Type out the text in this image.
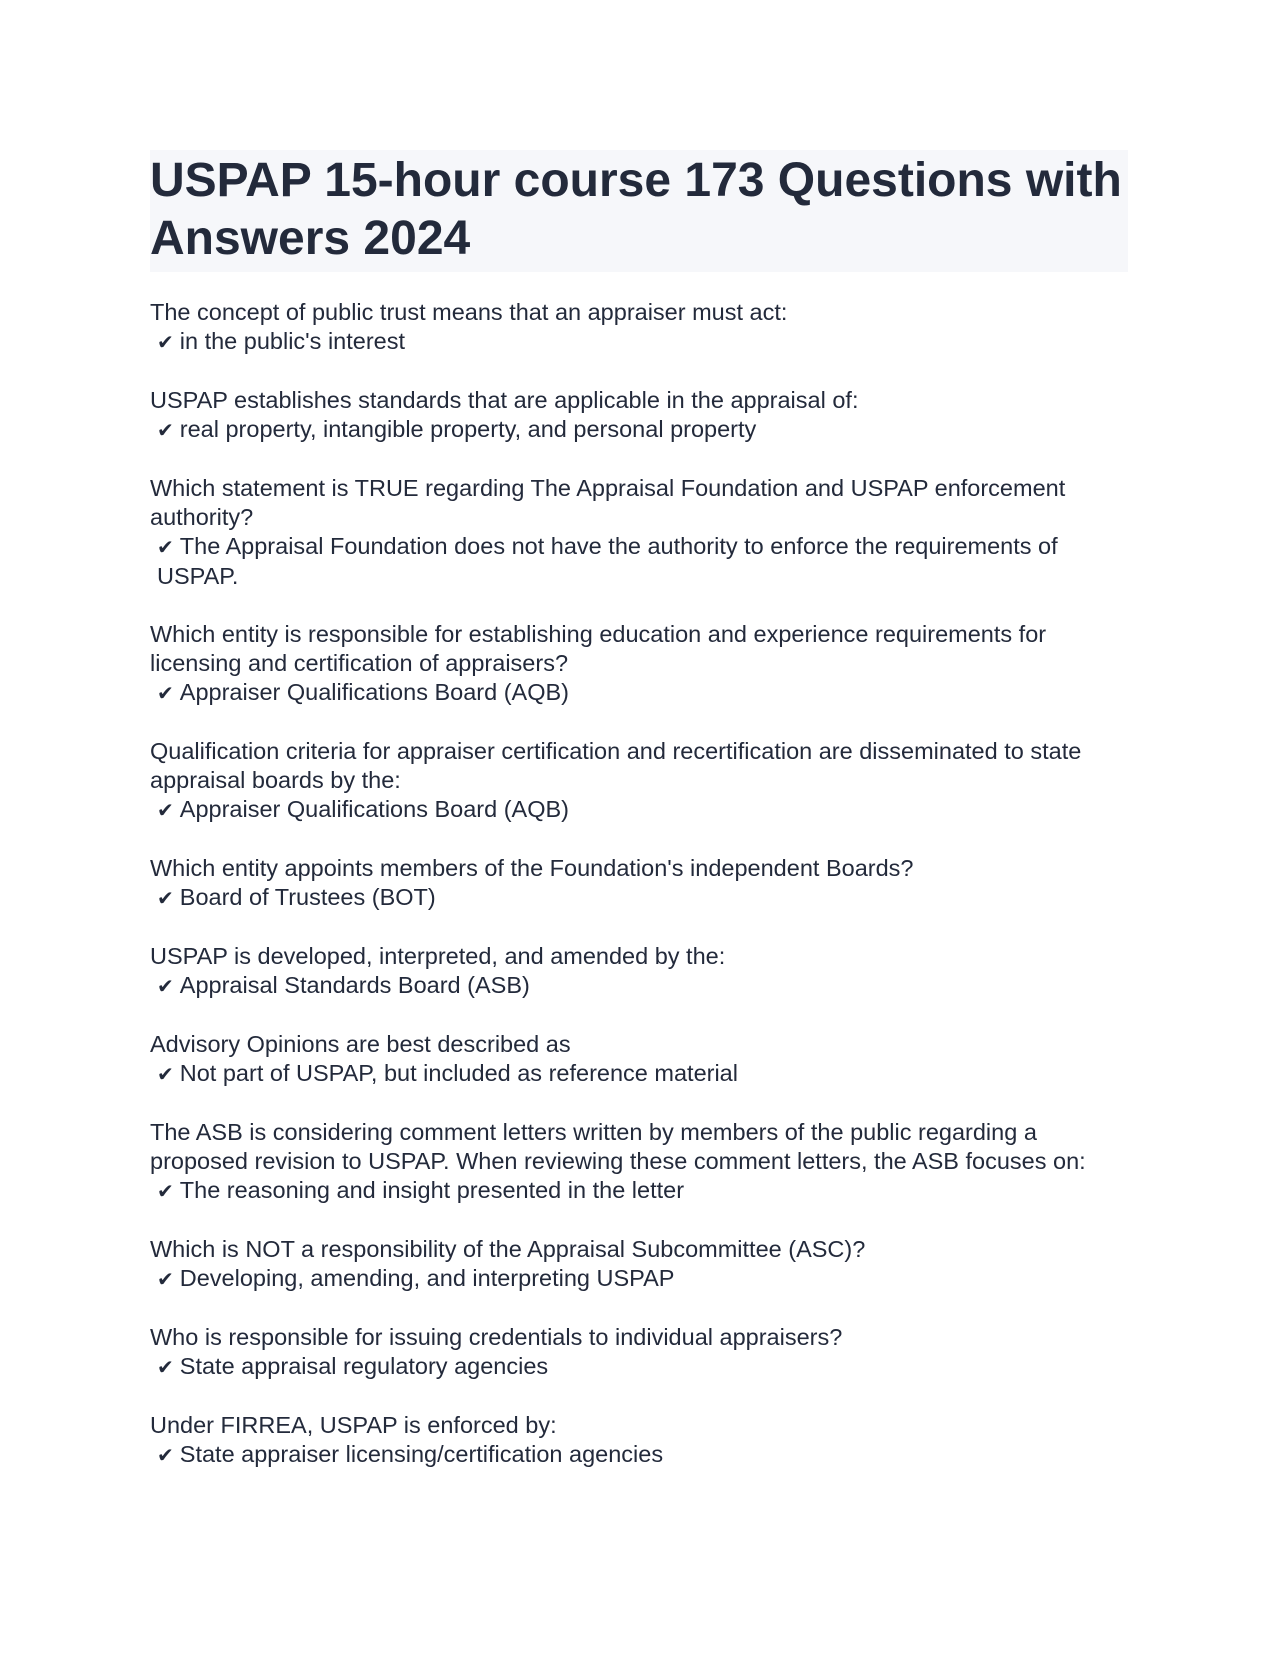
USPAP 15-hour course 173 Questions with Answers 2024
The concept of public trust means that an appraiser must act:
✔ in the public's interest
USPAP establishes standards that are applicable in the appraisal of:
✔ real property, intangible property, and personal property
Which statement is TRUE regarding The Appraisal Foundation and USPAP enforcement authority?
✔ The Appraisal Foundation does not have the authority to enforce the requirements of USPAP.
Which entity is responsible for establishing education and experience requirements for licensing and certification of appraisers?
✔ Appraiser Qualifications Board (AQB)
Qualification criteria for appraiser certification and recertification are disseminated to state appraisal boards by the:
✔ Appraiser Qualifications Board (AQB)
Which entity appoints members of the Foundation's independent Boards?
✔ Board of Trustees (BOT)
USPAP is developed, interpreted, and amended by the:
✔ Appraisal Standards Board (ASB)
Advisory Opinions are best described as
✔ Not part of USPAP, but included as reference material
The ASB is considering comment letters written by members of the public regarding a proposed revision to USPAP. When reviewing these comment letters, the ASB focuses on:
✔ The reasoning and insight presented in the letter
Which is NOT a responsibility of the Appraisal Subcommittee (ASC)?
✔ Developing, amending, and interpreting USPAP
Who is responsible for issuing credentials to individual appraisers?
✔ State appraisal regulatory agencies
Under FIRREA, USPAP is enforced by:
✔ State appraiser licensing/certification agencies
